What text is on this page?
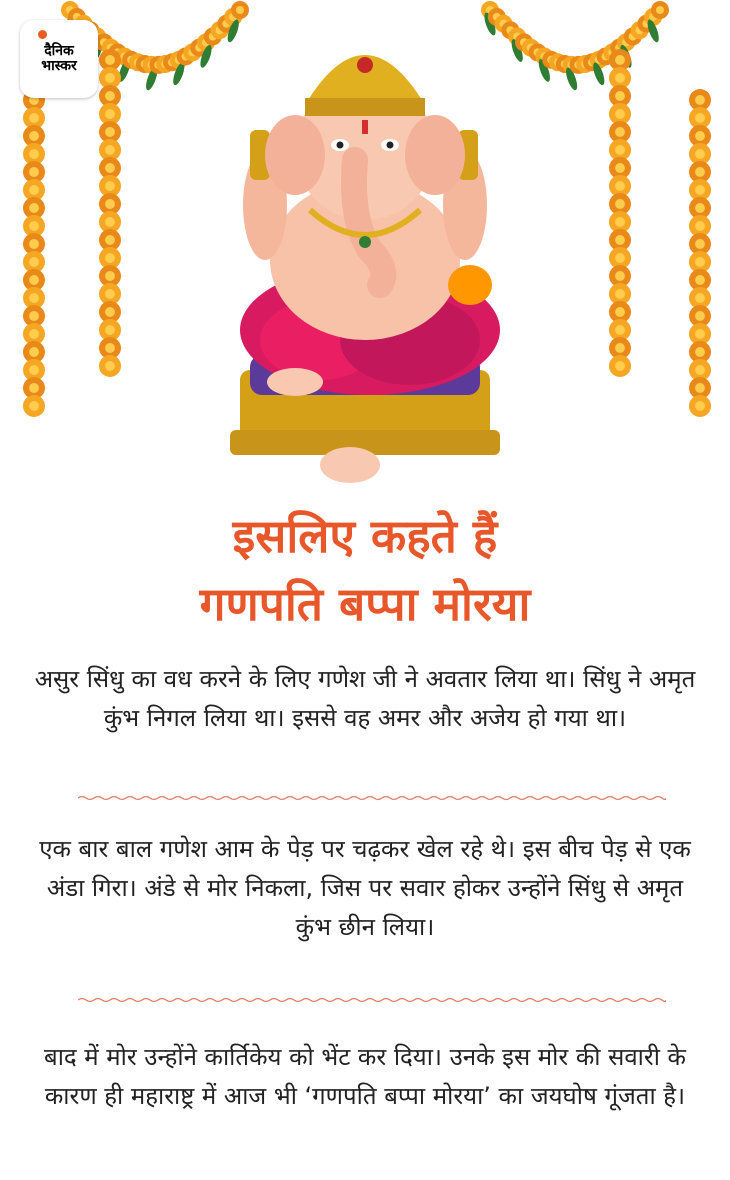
दैनिक
भास्कर
इसलिए कहते हैं
गणपति बप्पा मोरया
असुर सिंधु का वध करने के लिए गणेश जी ने अवतार लिया था। सिंधु ने अमृत कुंभ निगल लिया था। इससे वह अमर और अजेय हो गया था।
एक बार बाल गणेश आम के पेड़ पर चढ़कर खेल रहे थे। इस बीच पेड़ से एक अंडा गिरा। अंडे से मोर निकला, जिस पर सवार होकर उन्होंने सिंधु से अमृत कुंभ छीन लिया।
बाद में मोर उन्होंने कार्तिकेय को भेंट कर दिया। उनके इस मोर की सवारी के कारण ही महाराष्ट्र में आज भी ‘गणपति बप्पा मोरया’ का जयघोष गूंजता है।
